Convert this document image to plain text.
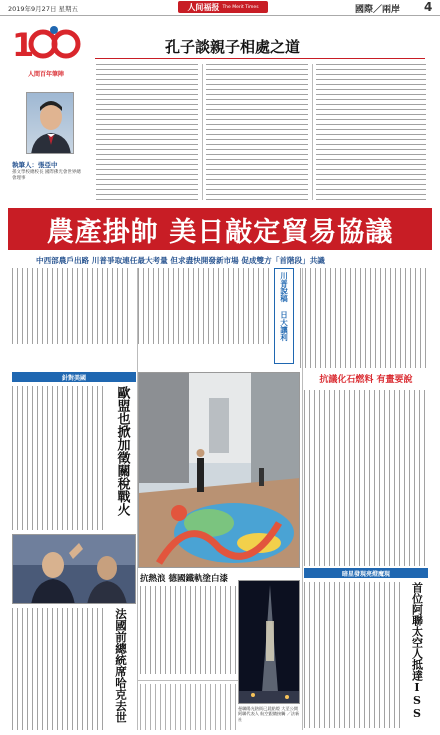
2019年9月27日 星期五	人间福报 The Merit Times	國際／兩岸 4
1
人間百年筆陣
執筆人：張亞中
孫文學校總校長 國際佛光會世界總會理事
孔子談親子相處之道
農產掛帥 美日敲定貿易協議
中西部農戶出路 川普爭取連任最大考量 但求盡快開發新市場 促成雙方「首階段」共識
川普說稿 日大讓利
抗議化石燃料 有畫要說
針對美國
歐盟也掀加徵關稅戰火
抗熱浪 德國鐵軌塗白漆	暗星發現亮燈魔現
首位阿聯太空人抵達ISS
法國前總統席哈克去世	曼聯陽光熱街已晨點燈 大至公開阿聯代表人 航空跟隨接觸 ／法新社
